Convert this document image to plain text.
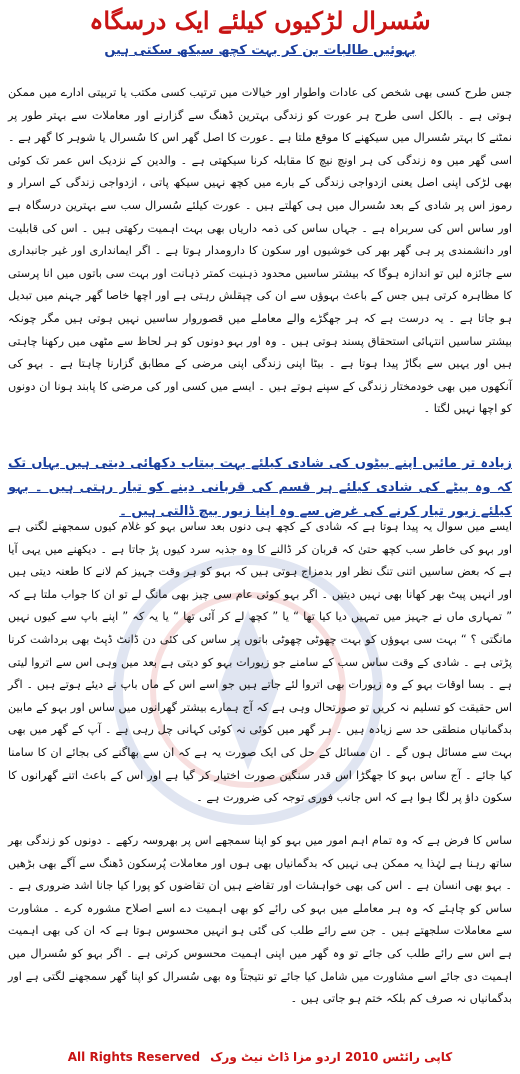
سُسرال لڑکیوں کیلئے ایک درسگاہ
بہوئیں طالبات بن کر بہت کچھ سیکھ سکتی ہیں

جس طرح کسی بھی شخص کی عادات واطوار اور خیالات میں ترتیب کسی مکتب یا تربیتی ادارے میں ممکن ہوتی ہے ۔ بالکل اسی طرح ہر عورت کو زندگی بہترین ڈھنگ سے گزارنے اور معاملات سے بہتر طور پر نمٹنے کا بہتر سُسرال میں سیکھنے کا موقع ملتا ہے ۔عورت کا اصل گھر اس کا سُسرال یا شوہر کا گھر ہے ۔ اسی گھر میں وہ زندگی کی ہر اونچ نیچ کا مقابلہ کرنا سیکھتی ہے ۔ والدین کے نزدیک اس عمر تک کوئی بھی لڑکی اپنی اصل یعنی ازدواجی زندگی کے بارے میں کچھ نہیں سیکھ پاتی ، ازدواجی زندگی کے اسرار و رموز اس پر شادی کے بعد سُسرال میں ہی کھلتے ہیں ۔ عورت کیلئے سُسرال سب سے بہترین درسگاہ ہے اور ساس اس کی سربراہ ہے ۔ جہاں ساس کی ذمہ داریاں بھی بہت اہمیت رکھتی ہیں ۔ اس کی قابلیت اور دانشمندی پر ہی گھر بھر کی خوشیوں اور سکون کا دارومدار ہوتا ہے ۔ اگر ایمانداری اور غیر جانبداری سے جائزہ لیں تو اندازہ ہوگا کہ بیشتر ساسیں محدود ذہنیت کمتر ذہانت اور بہت سی باتوں میں انا پرستی کا مظاہرہ کرتی ہیں جس کے باعث بہوؤں سے ان کی چپقلش رہتی ہے اور اچھا خاصا گھر جہنم میں تبدیل ہو جاتا ہے ۔ یہ درست ہے کہ ہر جھگڑے والے معاملے میں قصوروار ساسیں نہیں ہوتی ہیں مگر چونکہ بیشتر ساسیں انتہائی استحقاق پسند ہوتی ہیں ۔ وہ اور بہو دونوں کو ہر لحاظ سے مٹھی میں رکھنا چاہتی ہیں اور یہیں سے بگاڑ پیدا ہوتا ہے ۔ بیٹا اپنی زندگی اپنی مرضی کے مطابق گزارنا چاہتا ہے ۔ بہو کی آنکھوں میں بھی خودمختار زندگی کے سپنے ہوتے ہیں ۔ ایسے میں کسی اور کی مرضی کا پابند ہونا ان دونوں کو اچھا نہیں لگتا ۔

زیادہ تر مائیں اپنے بیٹوں کی شادی کیلئے بہت بیتاب دکھائی دیتی ہیں یہاں تک کہ وہ بیٹے کی شادی کیلئے ہر قسم کی قربانی دینے کو تیار رہتی ہیں ۔ بہو کیلئے زیور تیار کرنے کی غرض سے وہ اپنا زیور بیچ ڈالتی ہیں ۔

ایسے میں سوال یہ پیدا ہوتا ہے کہ شادی کے کچھ ہی دنوں بعد ساس بہو کو غلام کیوں سمجھنے لگتی ہے اور بہو کی خاطر سب کچھ حتیٰ کہ قربان کر ڈالنے کا وہ جذبہ سرد کیوں پڑ جاتا ہے ۔ دیکھنے میں یہی آیا ہے کہ بعض ساسیں اتنی تنگ نظر اور بدمزاج ہوتی ہیں کہ بہو کو ہر وقت جہیز کم لانے کا طعنہ دیتی ہیں اور انہیں پیٹ بھر کھانا بھی نہیں دیتیں ۔ اگر بہو کوئی عام سی چیز بھی مانگ لے تو ان کا جواب ملتا ہے کہ ” تمہاری ماں نے جہیز میں تمہیں دیا کیا تھا “ یا ” کچھ لے کر آئی تھا “ یا یہ کہ ” اپنے باپ سے کیوں نہیں مانگتی ؟ “ بہت سی بہوؤں کو بہت چھوٹی چھوٹی باتوں پر ساس کی کئی دن ڈانٹ ڈپٹ بھی برداشت کرنا پڑتی ہے ۔ شادی کے وقت ساس سب کے سامنے جو زیورات بہو کو دیتی ہے بعد میں وہی اس سے اتروا لیتی ہے ۔ بسا اوقات بہو کے وہ زیورات بھی اتروا لئے جاتے ہیں جو اسے اس کے ماں باپ نے دیئے ہوتے ہیں ۔ اگر اس حقیقت کو تسلیم نہ کریں تو صورتحال وہی ہے کہ آج ہمارے بیشتر گھرانوں میں ساس اور بہو کے مابین بدگمانیاں منطقی حد سے زیادہ ہیں ۔ ہر گھر میں کوئی نہ کوئی کہانی چل رہی ہے ۔ آپ کے گھر میں بھی بہت سے مسائل ہوں گے ۔ ان مسائل کے حل کی ایک صورت یہ ہے کہ ان سے بھاگنے کی بجائے ان کا سامنا کیا جائے ۔ آج ساس بہو کا جھگڑا اس قدر سنگین صورت اختیار کر گیا ہے اور اس کے باعث اتنے گھرانوں کا سکون داؤ پر لگا ہوا ہے کہ اس جانب فوری توجہ کی ضرورت ہے ۔

ساس کا فرض ہے کہ وہ تمام اہم امور میں بہو کو اپنا سمجھے اس پر بھروسہ رکھے ۔ دونوں کو زندگی بھر ساتھ رہنا ہے لہٰذا یہ ممکن ہی نہیں کہ بدگمانیاں بھی ہوں اور معاملات پُرسکون ڈھنگ سے آگے بھی بڑھیں ۔ بہو بھی انسان ہے ۔ اس کی بھی خواہشات اور تقاضے ہیں ان تقاضوں کو پورا کیا جانا اشد ضروری ہے ۔ ساس کو چاہئے کہ وہ ہر معاملے میں بہو کی رائے کو بھی اہمیت دے اسے اصلاح مشورہ کرے ۔ مشاورت سے معاملات سلجھتے ہیں ۔ جن سے رائے طلب کی گئی ہو انہیں محسوس ہوتا ہے کہ ان کی بھی اہمیت ہے اس سے رائے طلب کی جائے تو وہ گھر میں اپنی اہمیت محسوس کرتی ہے ۔ اگر بہو کو سُسرال میں اہمیت دی جائے اسے مشاورت میں شامل کیا جائے تو نتیجتاً وہ بھی سُسرال کو اپنا گھر سمجھنے لگتی ہے اور بدگمانیاں نہ صرف کم بلکہ ختم ہو جاتی ہیں ۔

All Rights Reserved کاپی رائٹس 2010 اردو مزا ڈاٹ نیٹ ورک
